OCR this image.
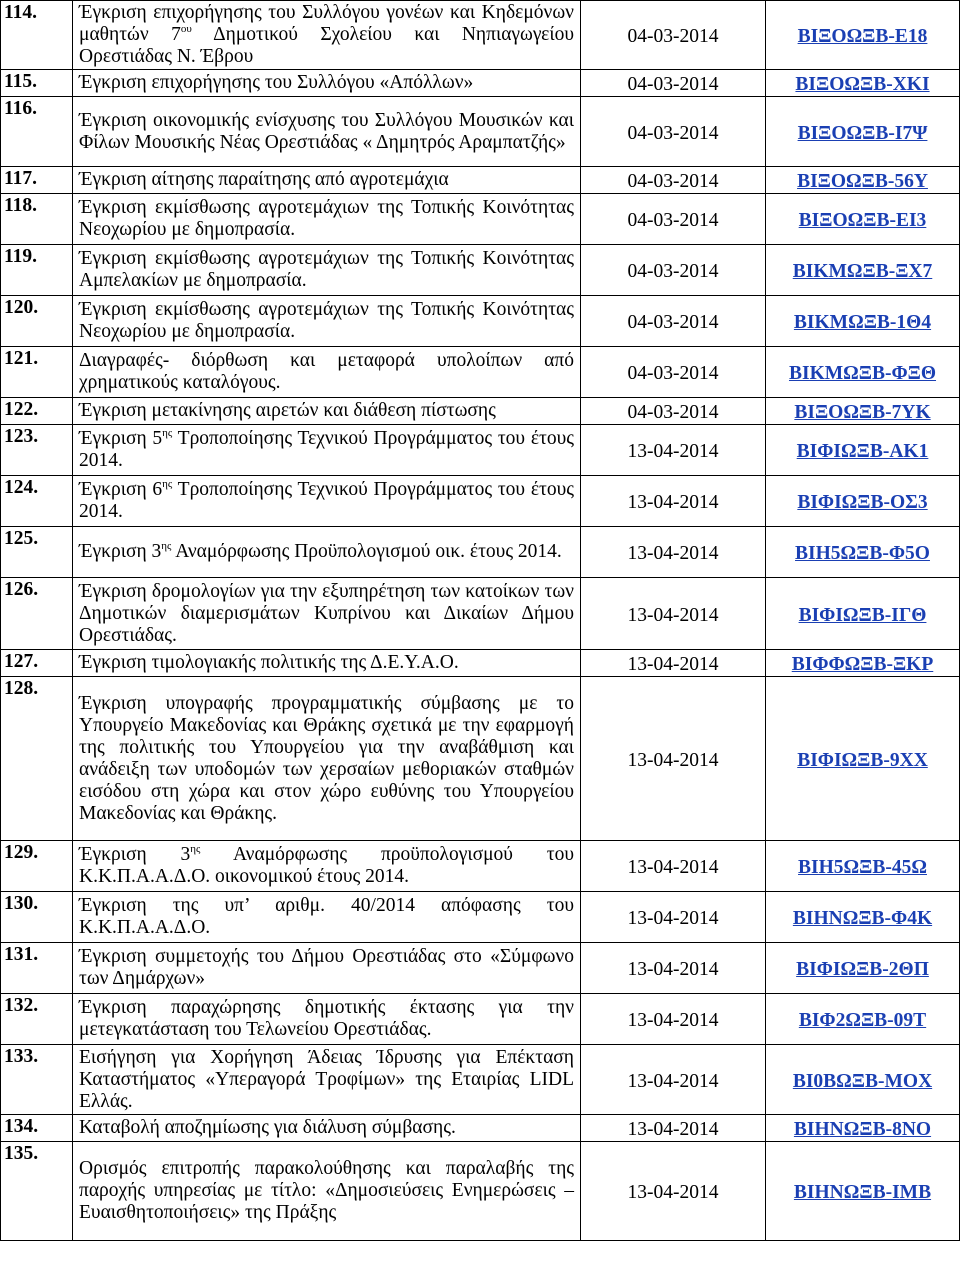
114.	Έγκριση επιχορήγησης του Συλλόγου γονέων και Κηδεμόνων μαθητών $7^{o\upsilon}$ Δημοτικού Σχολείου και Νηπιαγωγείου Ορεστιάδας Ν. Έβρου	04-03-2014	ΒΙΞΟΩΞΒ-Ε18
115.	Έγκριση επιχορήγησης του Συλλόγου «Απόλλων»	04-03-2014	ΒΙΞΟΩΞΒ-ΧΚΙ
116.	Έγκριση οικονομικής ενίσχυσης του Συλλόγου Μουσικών και Φίλων Μουσικής Νέας Ορεστιάδας « Δημητρός Αραμπατζής»	04-03-2014	ΒΙΞΟΩΞΒ-Ι7Ψ
117.	Έγκριση αίτησης παραίτησης από αγροτεμάχια	04-03-2014	ΒΙΞΟΩΞΒ-56Υ
118.	Έγκριση εκμίσθωσης αγροτεμάχιων της Τοπικής Κοινότητας Νεοχωρίου με δημοπρασία.	04-03-2014	ΒΙΞΟΩΞΒ-ΕΙ3
119.	Έγκριση εκμίσθωσης αγροτεμάχιων της Τοπικής Κοινότητας Αμπελακίων με δημοπρασία.	04-03-2014	ΒΙΚΜΩΞΒ-ΞΧ7
120.	Έγκριση εκμίσθωσης αγροτεμάχιων της Τοπικής Κοινότητας Νεοχωρίου με δημοπρασία.	04-03-2014	ΒΙΚΜΩΞΒ-1Θ4
121.	Διαγραφές- διόρθωση και μεταφορά υπολοίπων από χρηματικούς καταλόγους.	04-03-2014	ΒΙΚΜΩΞΒ-ΦΞΘ
122.	Έγκριση μετακίνησης αιρετών και διάθεση πίστωσης	04-03-2014	ΒΙΞΟΩΞΒ-7ΥΚ
123.	Έγκριση $5^{\eta\varsigma}$ Τροποποίησης Τεχνικού Προγράμματος του έτους 2014.	13-04-2014	ΒΙΦΙΩΞΒ-ΑΚ1
124.	Έγκριση $6^{\eta\varsigma}$ Τροποποίησης Τεχνικού Προγράμματος του έτους 2014.	13-04-2014	ΒΙΦΙΩΞΒ-ΟΣ3
125.	Έγκριση $3^{\eta\varsigma}$ Αναμόρφωσης Προϋπολογισμού οικ. έτους 2014.	13-04-2014	ΒΙΗ5ΩΞΒ-Φ5Ο
126.	Έγκριση δρομολογίων για την εξυπηρέτηση των κατοίκων των Δημοτικών διαμερισμάτων Κυπρίνου και Δικαίων Δήμου Ορεστιάδας.	13-04-2014	ΒΙΦΙΩΞΒ-ΙΓΘ
127.	Έγκριση τιμολογιακής πολιτικής της Δ.Ε.Υ.Α.Ο.	13-04-2014	ΒΙΦΦΩΞΒ-ΞΚΡ
128.	Έγκριση υπογραφής προγραμματικής σύμβασης με το Υπουργείο Μακεδονίας και Θράκης σχετικά με την εφαρμογή της πολιτικής του Υπουργείου για την αναβάθμιση και ανάδειξη των υποδομών των χερσαίων μεθοριακών σταθμών εισόδου στη χώρα και στον χώρο ευθύνης του Υπουργείου Μακεδονίας και Θράκης.	13-04-2014	ΒΙΦΙΩΞΒ-9ΧΧ
129.	Έγκριση $3^{\eta\varsigma}$ Αναμόρφωσης προϋπολογισμού του Κ.Κ.Π.Α.Α.Δ.Ο. οικονομικού έτους 2014.	13-04-2014	ΒΙΗ5ΩΞΒ-45Ω
130.	Έγκριση της υπ’ αριθμ. 40/2014 απόφασης του Κ.Κ.Π.Α.Α.Δ.Ο.	13-04-2014	ΒΙΗΝΩΞΒ-Φ4Κ
131.	Έγκριση συμμετοχής του Δήμου Ορεστιάδας στο «Σύμφωνο των Δημάρχων»	13-04-2014	ΒΙΦΙΩΞΒ-2ΘΠ
132.	Έγκριση παραχώρησης δημοτικής έκτασης για την μετεγκατάσταση του Τελωνείου Ορεστιάδας.	13-04-2014	ΒΙΦ2ΩΞΒ-09Τ
133.	Εισήγηση για Χορήγηση Άδειας Ίδρυσης για Επέκταση Καταστήματος «Υπεραγορά Τροφίμων» της Εταιρίας LIDL Ελλάς.	13-04-2014	ΒΙ0ΒΩΞΒ-ΜΟΧ
134.	Καταβολή αποζημίωσης για διάλυση σύμβασης.	13-04-2014	ΒΙΗΝΩΞΒ-8ΝΟ
135.	Ορισμός επιτροπής παρακολούθησης και παραλαβής της παροχής υπηρεσίας με τίτλο: «Δημοσιεύσεις Ενημερώσεις – Ευαισθητοποιήσεις» της Πράξης	13-04-2014	ΒΙΗΝΩΞΒ-ΙΜΒ
